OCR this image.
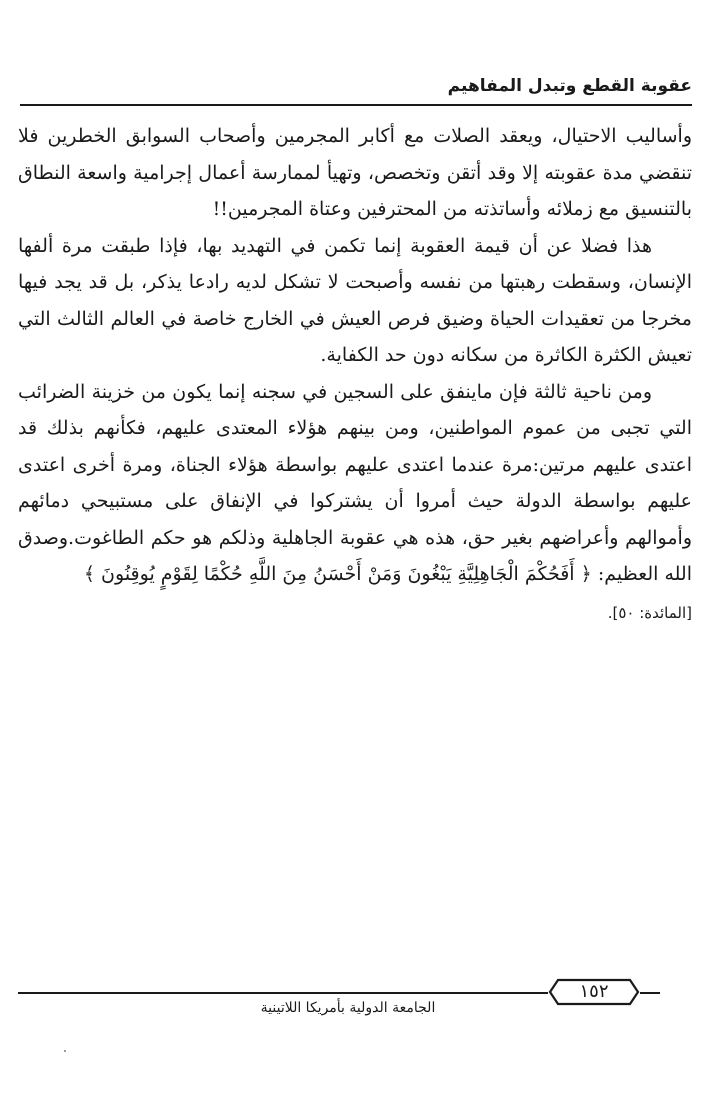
عقوبة القطع وتبدل المفاهيم

وأساليب الاحتيال، ويعقد الصلات مع أكابر المجرمين وأصحاب السوابق الخطرين فلا تنقضي مدة عقوبته إلا وقد أتقن وتخصص، وتهيأ لممارسة أعمال إجرامية واسعة النطاق بالتنسيق مع زملائه وأساتذته من المحترفين وعتاة المجرمين!!

هذا فضلا عن أن قيمة العقوبة إنما تكمن في التهديد بها، فإذا طبقت مرة ألفها الإنسان، وسقطت رهبتها من نفسه وأصبحت لا تشكل لديه رادعا يذكر، بل قد يجد فيها مخرجا من تعقيدات الحياة وضيق فرص العيش في الخارج خاصة في العالم الثالث التي تعيش الكثرة الكاثرة من سكانه دون حد الكفاية.

ومن ناحية ثالثة فإن ماينفق على السجين في سجنه إنما يكون من خزينة الضرائب التي تجبى من عموم المواطنين، ومن بينهم هؤلاء المعتدى عليهم، فكأنهم بذلك قد اعتدى عليهم مرتين:مرة عندما اعتدى عليهم بواسطة هؤلاء الجناة، ومرة أخرى اعتدى عليهم بواسطة الدولة حيث أمروا أن يشتركوا في الإنفاق على مستبيحي دمائهم وأموالهم وأعراضهم بغير حق، هذه هي عقوبة الجاهلية وذلكم هو حكم الطاغوت.وصدق الله العظيم: ﴿ أَفَحُكْمَ الْجَاهِلِيَّةِ يَبْغُونَ وَمَنْ أَحْسَنُ مِنَ اللَّهِ حُكْمًا لِقَوْمٍ يُوقِنُونَ ﴾

[المائدة: ٥٠].

١٥٢
الجامعة الدولية بأمريكا اللاتينية
